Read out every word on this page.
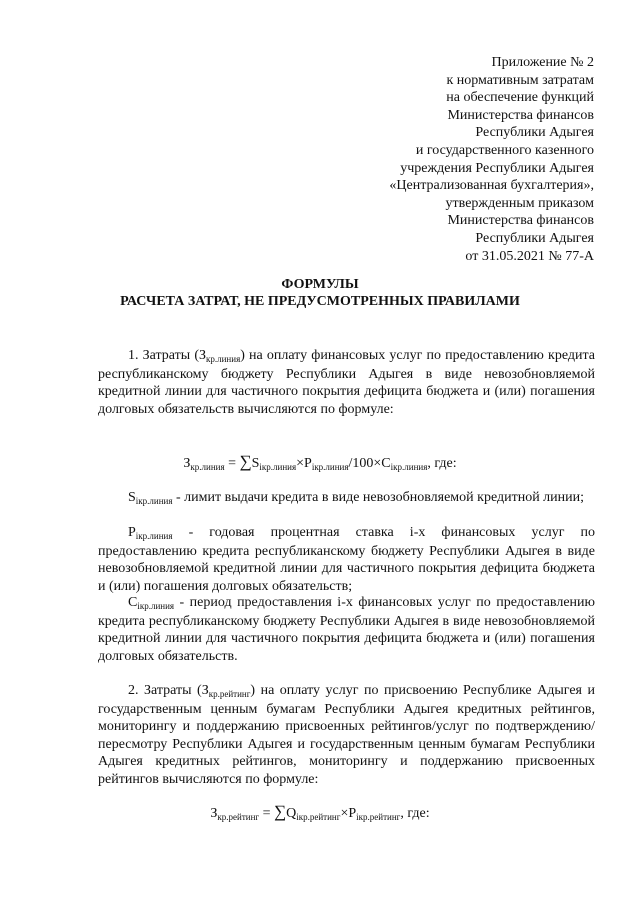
Приложение № 2
к нормативным затратам
на обеспечение функций
Министерства финансов
Республики Адыгея
и государственного казенного
учреждения Республики Адыгея
«Централизованная бухгалтерия»,
утвержденным приказом
Министерства финансов
Республики Адыгея
от 31.05.2021 № 77-А
ФОРМУЛЫ
РАСЧЕТА ЗАТРАТ, НЕ ПРЕДУСМОТРЕННЫХ ПРАВИЛАМИ
1. Затраты $(З_{кр.линия})$ на оплату финансовых услуг по предоставлению кредита республиканскому бюджету Республики Адыгея в виде невозобновляемой кредитной линии для частичного покрытия дефицита бюджета и (или) погашения долговых обязательств вычисляются по формуле:
$З_{кр.линия} = \sum S_{iкр.линия}\times P_{iкр.линия}/100\times C_{iкр.линия}$, где:
$S_{iкр.линия}$ - лимит выдачи кредита в виде невозобновляемой кредитной линии;
$P_{iкр.линия}$ - годовая процентная ставка i-х финансовых услуг по предоставлению кредита республиканскому бюджету Республики Адыгея в виде невозобновляемой кредитной линии для частичного покрытия дефицита бюджета и (или) погашения долговых обязательств;
$C_{iкр.линия}$ - период предоставления i-х финансовых услуг по предоставлению кредита республиканскому бюджету Республики Адыгея в виде невозобновляемой кредитной линии для частичного покрытия дефицита бюджета и (или) погашения долговых обязательств.
2. Затраты $(З_{кр.рейтинг})$ на оплату услуг по присвоению Республике Адыгея и государственным ценным бумагам Республики Адыгея кредитных рейтингов, мониторингу и поддержанию присвоенных рейтингов/услуг по подтверждению/пересмотру Республики Адыгея и государственным ценным бумагам Республики Адыгея кредитных рейтингов, мониторингу и поддержанию присвоенных рейтингов вычисляются по формуле:
$З_{кр.рейтинг} = \sum Q_{iкр.рейтинг}\times P_{iкр.рейтинг}$, где:
